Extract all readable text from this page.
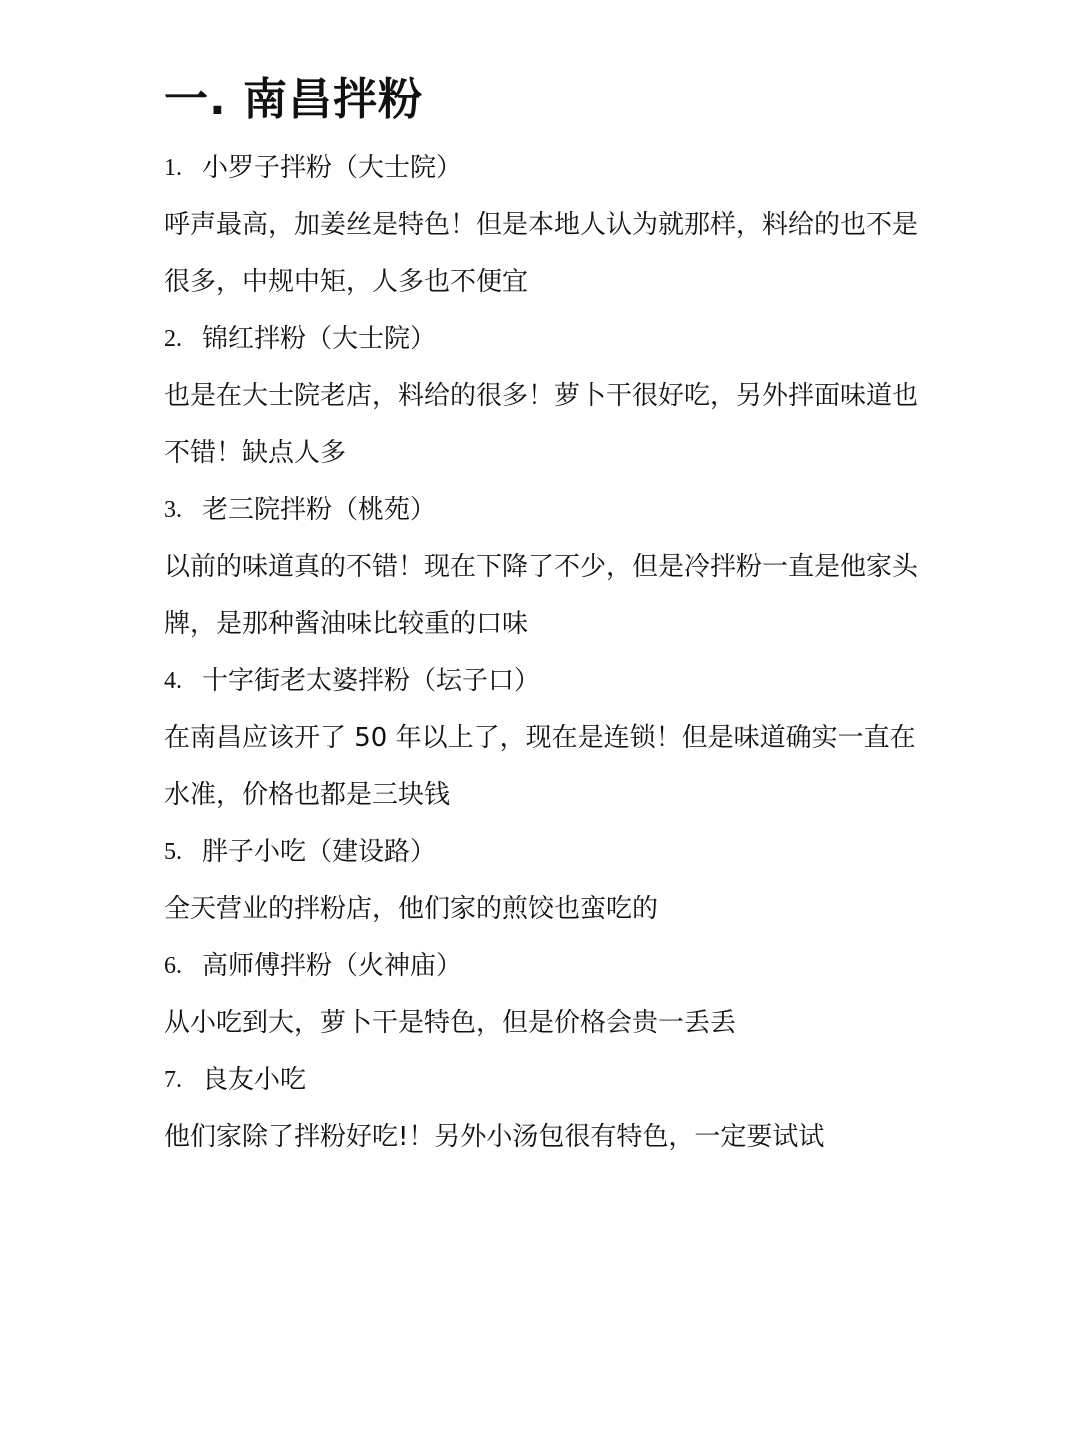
一. 南昌拌粉
1. 小罗子拌粉（大士院）

呼声最高，加姜丝是特色！但是本地人认为就那样，料给的也不是很多，中规中矩，人多也不便宜

2. 锦红拌粉（大士院）

也是在大士院老店，料给的很多！萝卜干很好吃，另外拌面味道也不错！缺点人多

3. 老三院拌粉（桃苑）

以前的味道真的不错！现在下降了不少，但是冷拌粉一直是他家头牌，是那种酱油味比较重的口味

4. 十字街老太婆拌粉（坛子口）

在南昌应该开了 50 年以上了，现在是连锁！但是味道确实一直在水准，价格也都是三块钱

5. 胖子小吃（建设路）

全天营业的拌粉店，他们家的煎饺也蛮吃的

6. 高师傅拌粉（火神庙）

从小吃到大，萝卜干是特色，但是价格会贵一丢丢

7. 良友小吃

他们家除了拌粉好吃!！另外小汤包很有特色，一定要试试
